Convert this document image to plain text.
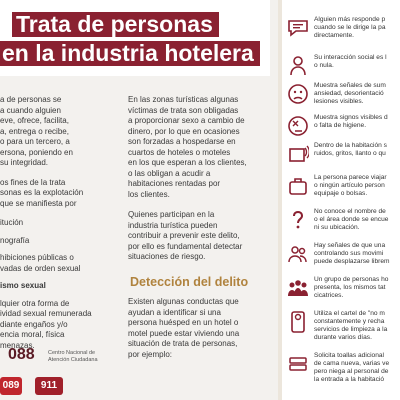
Trata de personas
en la industria hotelera

a de personas se
a cuando alguien
eve, ofrece, facilita,
a, entrega o recibe,
o para un tercero, a
ersona, poniendo en
su integridad.

os fines de la trata
sonas es la explotación
que se manifiesta por

itución
nografía
hibiciones públicas o
vadas de orden sexual
ismo sexual
lquier otra forma de
ividad sexual remunerada
diante engaños y/o
encia moral, física
menazas.

En las zonas turísticas algunas
víctimas de trata son obligadas
a proporcionar sexo a cambio de
dinero, por lo que en ocasiones
son forzadas a hospedarse en
cuartos de hoteles o moteles
en los que esperan a los clientes,
o las obligan a acudir a
habitaciones rentadas por
los clientes.

Quienes participan en la
industria turística pueden
contribuir a prevenir este delito,
por ello es fundamental detectar
situaciones de riesgo.

Detección del delito

Existen algunas conductas que
ayudan a identificar si una
persona huésped en un hotel o
motel puede estar viviendo una
situación de trata de personas,
por ejemplo:

088 Centro Nacional de
Atención Ciudadana
089	911
Alguien más responde p
cuando se le dirige la pa
directamente.
Su interacción social es l
o nula.
Muestra señales de sum
ansiedad, desorientació
lesiones visibles.
Muestra signos visibles d
o falta de higiene.
Dentro de la habitación s
ruidos, gritos, llanto o qu
La persona parece viajar
o ningún artículo person
equipaje o bolsas.
No conoce el nombre de
o el área donde se encue
ni su ubicación.
Hay señales de que una
controlando sus movimi
puede desplazarse librem
Un grupo de personas ho
presenta, los mismos tat
cicatrices.
Utiliza el cartel de "no m
constantemente y recha
servicios de limpieza a la
durante varios días.
Solicita toallas adicional
de cama nueva, varias ve
pero niega al personal de
la entrada a la habitació
